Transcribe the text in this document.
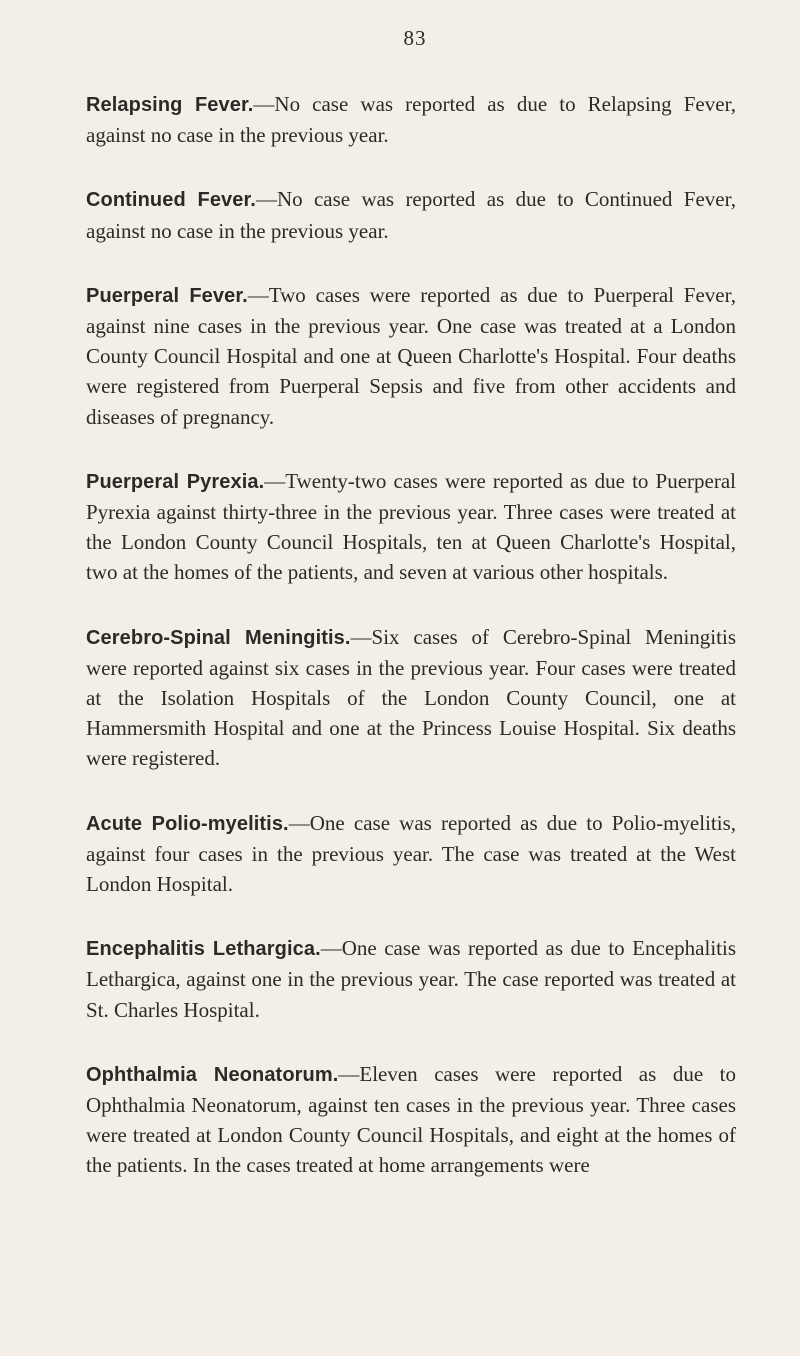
83

Relapsing Fever.—No case was reported as due to Relapsing Fever, against no case in the previous year.

Continued Fever.—No case was reported as due to Continued Fever, against no case in the previous year.

Puerperal Fever.—Two cases were reported as due to Puerperal Fever, against nine cases in the previous year. One case was treated at a London County Council Hospital and one at Queen Charlotte's Hospital. Four deaths were registered from Puerperal Sepsis and five from other accidents and diseases of pregnancy.

Puerperal Pyrexia.—Twenty-two cases were reported as due to Puerperal Pyrexia against thirty-three in the previous year. Three cases were treated at the London County Council Hospitals, ten at Queen Charlotte's Hospital, two at the homes of the patients, and seven at various other hospitals.

Cerebro-Spinal Meningitis.—Six cases of Cerebro-Spinal Meningitis were reported against six cases in the previous year. Four cases were treated at the Isolation Hospitals of the London County Council, one at Hammersmith Hospital and one at the Princess Louise Hospital. Six deaths were registered.

Acute Polio-myelitis.—One case was reported as due to Polio-myelitis, against four cases in the previous year. The case was treated at the West London Hospital.

Encephalitis Lethargica.—One case was reported as due to Encephalitis Lethargica, against one in the previous year. The case reported was treated at St. Charles Hospital.

Ophthalmia Neonatorum.—Eleven cases were reported as due to Ophthalmia Neonatorum, against ten cases in the previous year. Three cases were treated at London County Council Hospitals, and eight at the homes of the patients. In the cases treated at home arrangements were
